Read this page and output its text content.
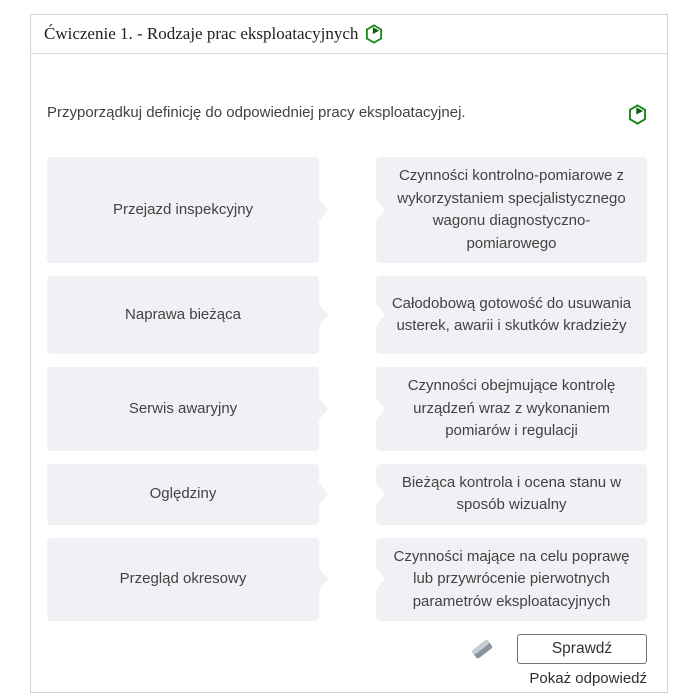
Ćwiczenie 1. - Rodzaje prac eksploatacyjnych
Przyporządkuj definicję do odpowiedniej pracy eksploatacyjnej.
Przejazd inspekcyjny
Czynności kontrolno-pomiarowe z wykorzystaniem specjalistycznego wagonu diagnostyczno-pomiarowego
Naprawa bieżąca
Całodobową gotowość do usuwania usterek, awarii i skutków kradzieży
Serwis awaryjny
Czynności obejmujące kontrolę urządzeń wraz z wykonaniem pomiarów i regulacji
Oględziny
Bieżąca kontrola i ocena stanu w sposób wizualny
Przegląd okresowy
Czynności mające na celu poprawę lub przywrócenie pierwotnych parametrów eksploatacyjnych
Sprawdź
Pokaż odpowiedź
